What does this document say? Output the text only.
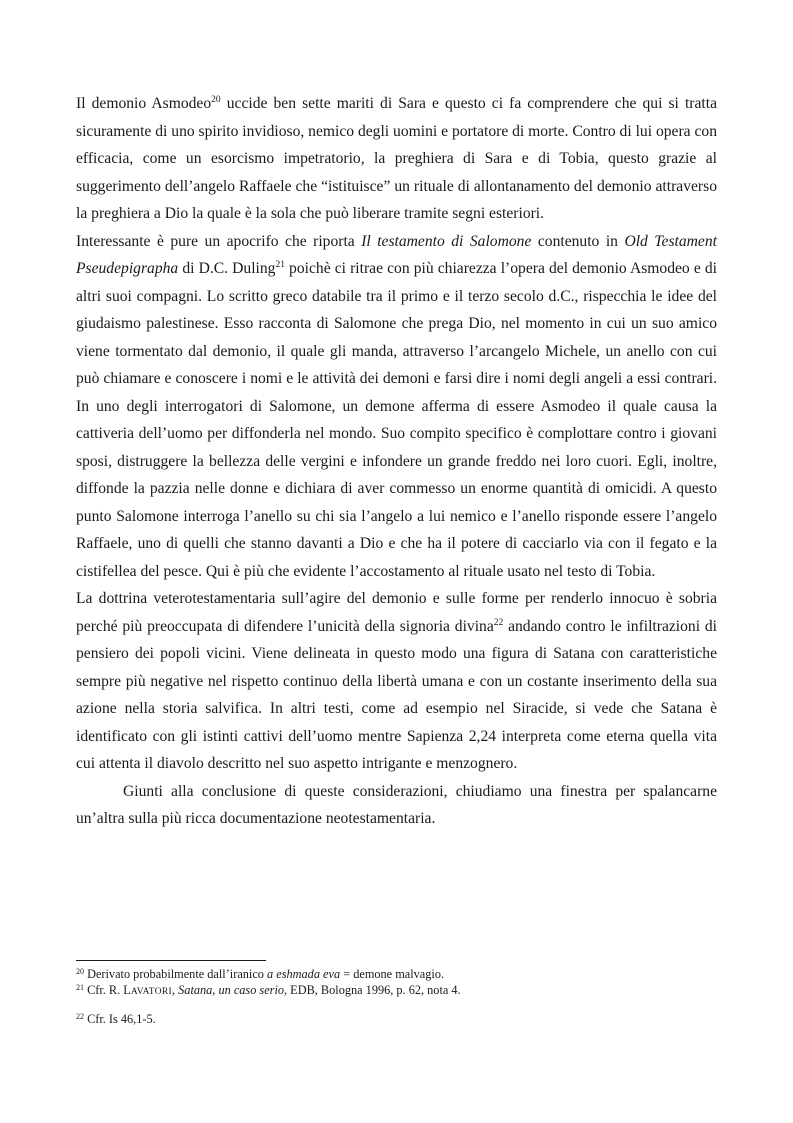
Il demonio Asmodeo$^{20}$ uccide ben sette mariti di Sara e questo ci fa comprendere che qui si tratta sicuramente di uno spirito invidioso, nemico degli uomini e portatore di morte. Contro di lui opera con efficacia, come un esorcismo impetratorio, la preghiera di Sara e di Tobia, questo grazie al suggerimento dell’angelo Raffaele che “istituisce” un rituale di allontanamento del demonio attraverso la preghiera a Dio la quale è la sola che può liberare tramite segni esteriori.

Interessante è pure un apocrifo che riporta Il testamento di Salomone contenuto in Old Testament Pseudepigrapha di D.C. Duling$^{21}$ poichè ci ritrae con più chiarezza l’opera del demonio Asmodeo e di altri suoi compagni. Lo scritto greco databile tra il primo e il terzo secolo d.C., rispecchia le idee del giudaismo palestinese. Esso racconta di Salomone che prega Dio, nel momento in cui un suo amico viene tormentato dal demonio, il quale gli manda, attraverso l’arcangelo Michele, un anello con cui può chiamare e conoscere i nomi e le attività dei demoni e farsi dire i nomi degli angeli a essi contrari. In uno degli interrogatori di Salomone, un demone afferma di essere Asmodeo il quale causa la cattiveria dell’uomo per diffonderla nel mondo. Suo compito specifico è complottare contro i giovani sposi, distruggere la bellezza delle vergini e infondere un grande freddo nei loro cuori. Egli, inoltre, diffonde la pazzia nelle donne e dichiara di aver commesso un enorme quantità di omicidi. A questo punto Salomone interroga l’anello su chi sia l’angelo a lui nemico e l’anello risponde essere l’angelo Raffaele, uno di quelli che stanno davanti a Dio e che ha il potere di cacciarlo via con il fegato e la cistifellea del pesce. Qui è più che evidente l’accostamento al rituale usato nel testo di Tobia.

La dottrina veterotestamentaria sull’agire del demonio e sulle forme per renderlo innocuo è sobria perché più preoccupata di difendere l’unicità della signoria divina$^{22}$ andando contro le infiltrazioni di pensiero dei popoli vicini. Viene delineata in questo modo una figura di Satana con caratteristiche sempre più negative nel rispetto continuo della libertà umana e con un costante inserimento della sua azione nella storia salvifica. In altri testi, come ad esempio nel Siracide, si vede che Satana è identificato con gli istinti cattivi dell’uomo mentre Sapienza 2,24 interpreta come eterna quella vita cui attenta il diavolo descritto nel suo aspetto intrigante e menzognero.

Giunti alla conclusione di queste considerazioni, chiudiamo una finestra per spalancarne un’altra sulla più ricca documentazione neotestamentaria.

$^{20}$ Derivato probabilmente dall’iranico a eshmada eva = demone malvagio.

$^{21}$ Cfr. R. LAVATORI, Satana, un caso serio, EDB, Bologna 1996, p. 62, nota 4.

$^{22}$ Cfr. Is 46,1-5.
